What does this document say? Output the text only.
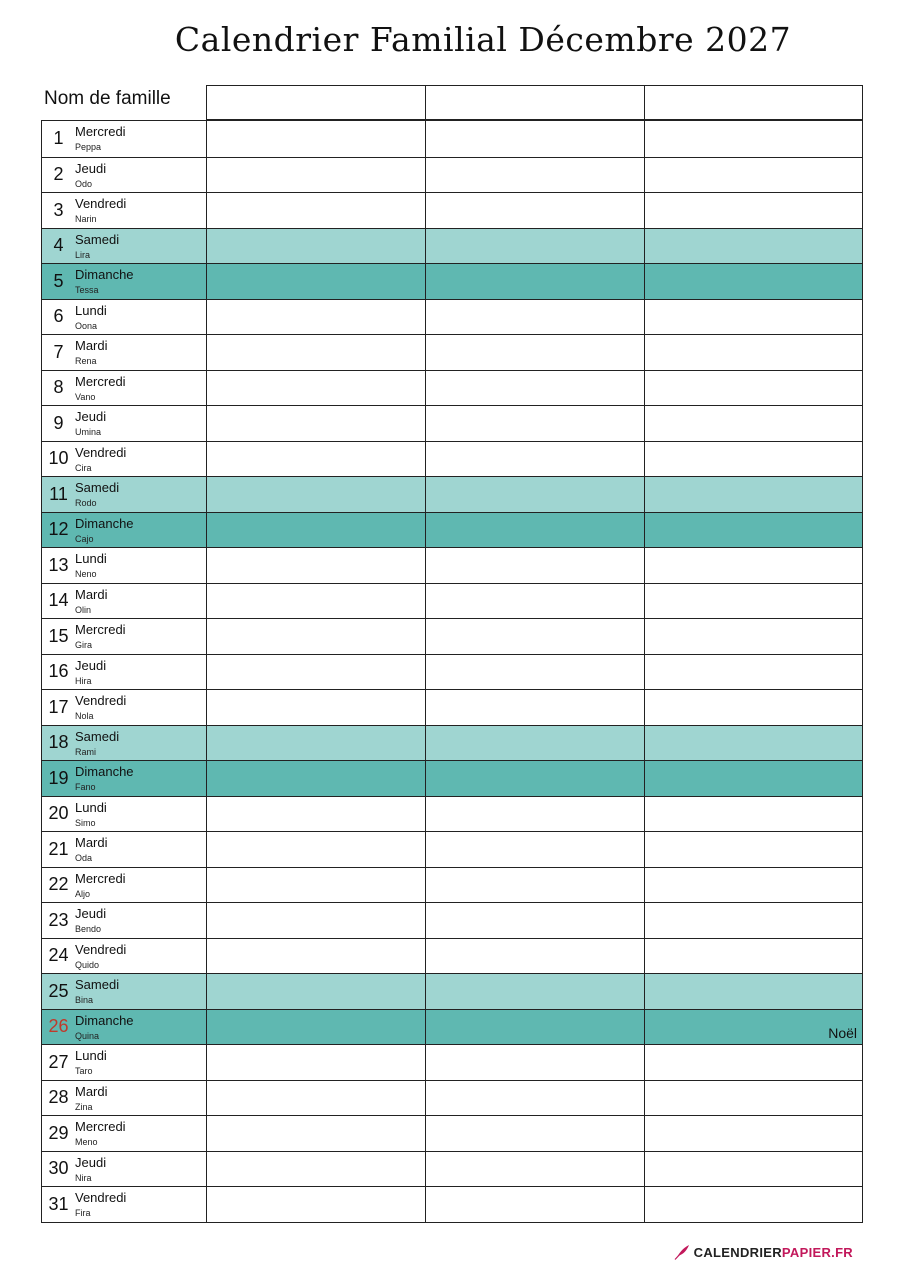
Calendrier Familial Décembre 2027
Nom de famille
1 Mercredi
Peppa
2 Jeudi
Odo
3 Vendredi
Narin
4 Samedi
Lira
5 Dimanche
Tessa
6 Lundi
Oona
7 Mardi
Rena
8 Mercredi
Vano
9 Jeudi
Umina
10 Vendredi
Cira
11 Samedi
Rodo
12 Dimanche
Cajo
13 Lundi
Neno
14 Mardi
Olin
15 Mercredi
Gira
16 Jeudi
Hira
17 Vendredi
Nola
18 Samedi
Rami
19 Dimanche
Fano
20 Lundi
Simo
21 Mardi
Oda
22 Mercredi
Aljo
23 Jeudi
Bendo
24 Vendredi
Quido
25 Samedi
Bina
26 Dimanche
Quina	Noël
27 Lundi
Taro
28 Mardi
Zina
29 Mercredi
Meno
30 Jeudi
Nira
31 Vendredi
Fira
CALENDRIER PAPIER .FR
